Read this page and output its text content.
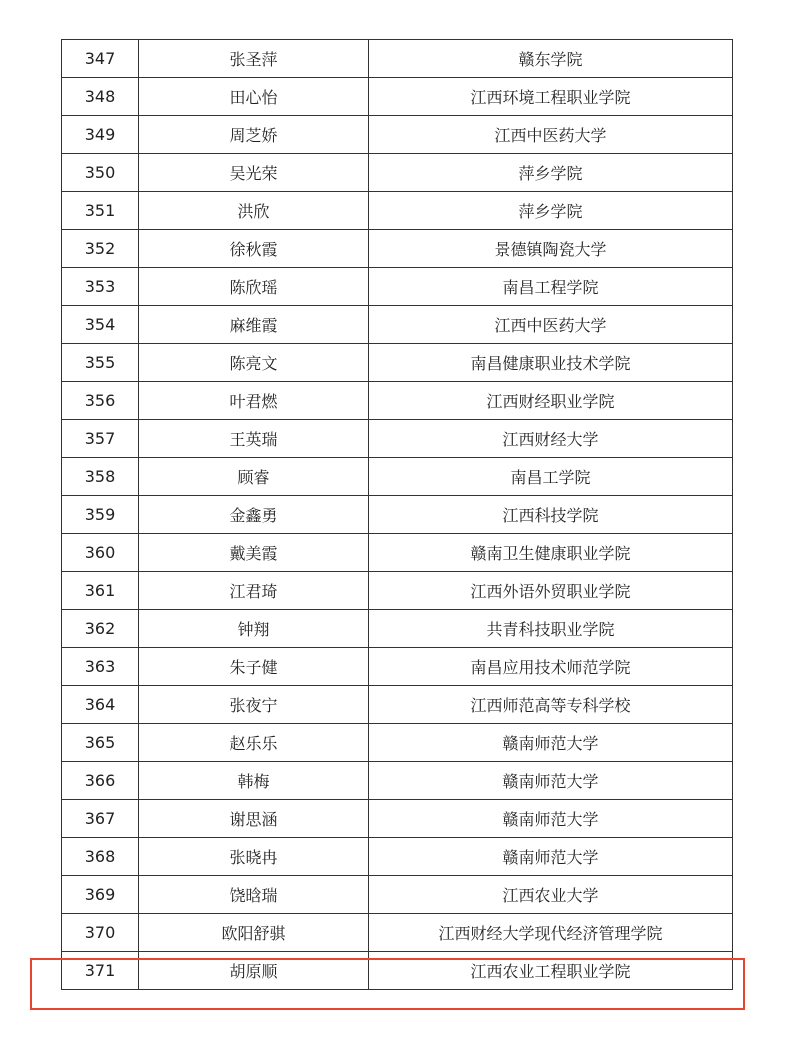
347	张圣萍	赣东学院
348	田心怡	江西环境工程职业学院
349	周芝娇	江西中医药大学
350	吴光荣	萍乡学院
351	洪欣	萍乡学院
352	徐秋霞	景德镇陶瓷大学
353	陈欣瑶	南昌工程学院
354	麻维霞	江西中医药大学
355	陈亮文	南昌健康职业技术学院
356	叶君燃	江西财经职业学院
357	王英瑞	江西财经大学
358	顾睿	南昌工学院
359	金鑫勇	江西科技学院
360	戴美霞	赣南卫生健康职业学院
361	江君琦	江西外语外贸职业学院
362	钟翔	共青科技职业学院
363	朱子健	南昌应用技术师范学院
364	张夜宁	江西师范高等专科学校
365	赵乐乐	赣南师范大学
366	韩梅	赣南师范大学
367	谢思涵	赣南师范大学
368	张晓冉	赣南师范大学
369	饶晗瑞	江西农业大学
370	欧阳舒骐	江西财经大学现代经济管理学院
371	胡原顺	江西农业工程职业学院
